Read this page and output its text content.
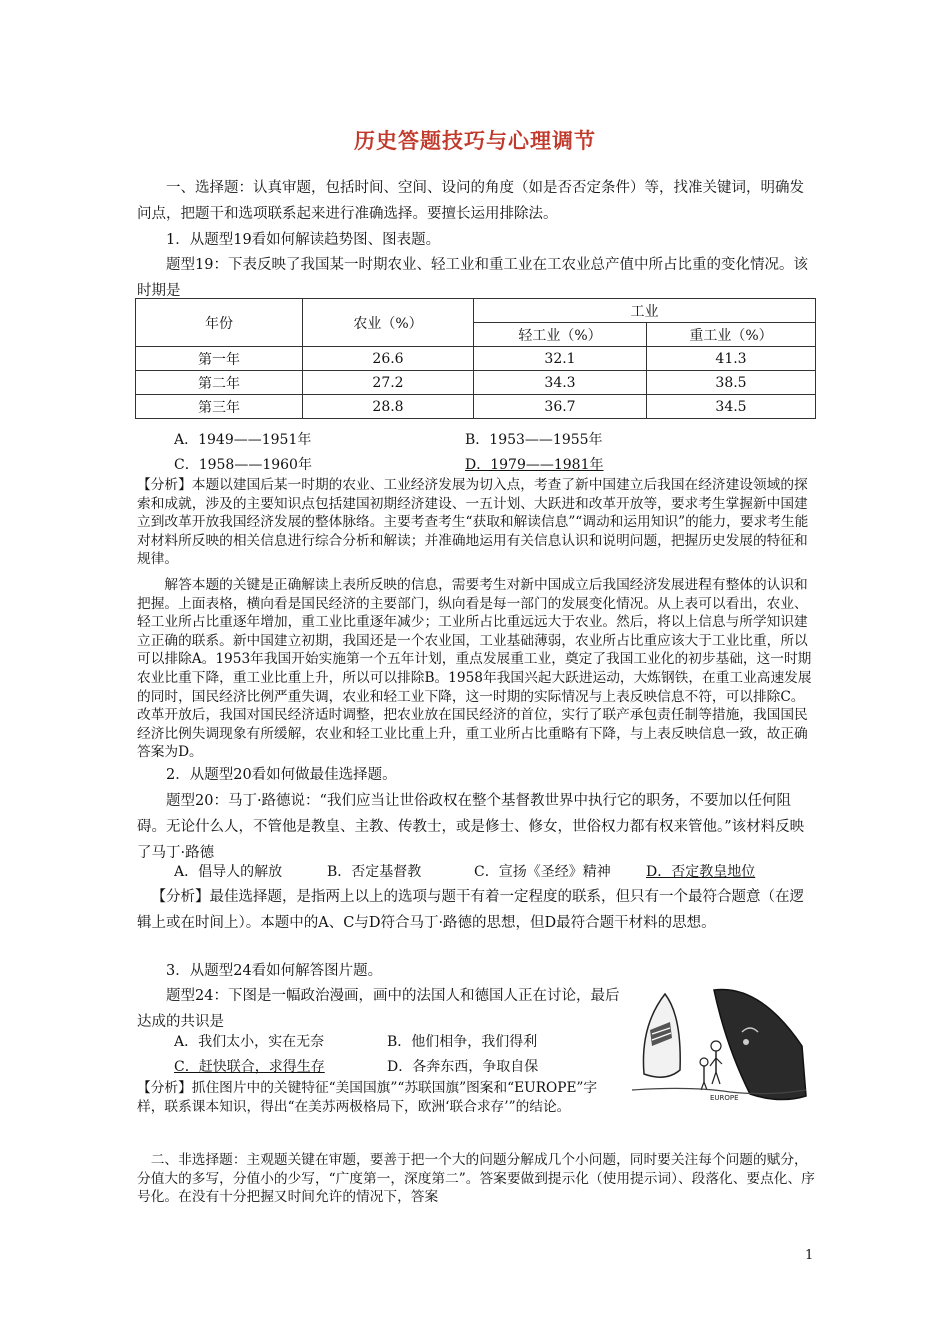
历史答题技巧与心理调节

一、选择题：认真审题，包括时间、空间、设问的角度（如是否否定条件）等，找准关键词，明确发问点，把题干和选项联系起来进行准确选择。要擅长运用排除法。

1．从题型19看如何解读趋势图、图表题。

题型19：下表反映了我国某一时期农业、轻工业和重工业在工农业总产值中所占比重的变化情况。该时期是

年份	农业（%）	工业	
		轻工业（%）	重工业（%）
第一年	26.6	32.1	41.3
第二年	27.2	34.3	38.5
第三年	28.8	36.7	34.5
A．1949——1951年	B．1953——1955年
C．1958——1960年	D．1979——1981年

【分析】本题以建国后某一时期的农业、工业经济发展为切入点，考查了新中国建立后我国在经济建设领域的探索和成就，涉及的主要知识点包括建国初期经济建设、一五计划、大跃进和改革开放等，要求考生掌握新中国建立到改革开放我国经济发展的整体脉络。主要考查考生“获取和解读信息”“调动和运用知识”的能力，要求考生能对材料所反映的相关信息进行综合分析和解读；并准确地运用有关信息认识和说明问题，把握历史发展的特征和规律。

解答本题的关键是正确解读上表所反映的信息，需要考生对新中国成立后我国经济发展进程有整体的认识和把握。上面表格，横向看是国民经济的主要部门，纵向看是每一部门的发展变化情况。从上表可以看出，农业、轻工业所占比重逐年增加，重工业比重逐年减少；工业所占比重远远大于农业。然后，将以上信息与所学知识建立正确的联系。新中国建立初期，我国还是一个农业国，工业基础薄弱，农业所占比重应该大于工业比重，所以可以排除A。1953年我国开始实施第一个五年计划，重点发展重工业，奠定了我国工业化的初步基础，这一时期农业比重下降，重工业比重上升，所以可以排除B。1958年我国兴起大跃进运动，大炼钢铁，在重工业高速发展的同时，国民经济比例严重失调，农业和轻工业下降，这一时期的实际情况与上表反映信息不符，可以排除C。改革开放后，我国对国民经济适时调整，把农业放在国民经济的首位，实行了联产承包责任制等措施，我国国民经济比例失调现象有所缓解，农业和轻工业比重上升，重工业所占比重略有下降，与上表反映信息一致，故正确答案为D。

2．从题型20看如何做最佳选择题。

题型20：马丁·路德说：“我们应当让世俗政权在整个基督教世界中执行它的职务，不要加以任何阻碍。无论什么人，不管他是教皇、主教、传教士，或是修士、修女，世俗权力都有权来管他。”该材料反映了马丁·路德

A．倡导人的解放	B．否定基督教	C．宣扬《圣经》精神	D．否定教皇地位

【分析】最佳选择题，是指两上以上的选项与题干有着一定程度的联系，但只有一个最符合题意（在逻辑上或在时间上）。本题中的A、C与D符合马丁·路德的思想，但D最符合题干材料的思想。

3．从题型24看如何解答图片题。

题型24：下图是一幅政治漫画，画中的法国人和德国人正在讨论，最后达成的共识是

A．我们太小，实在无奈	B．他们相争，我们得利
C．赶快联合，求得生存	D．各奔东西，争取自保

【分析】抓住图片中的关键特征“美国国旗”“苏联国旗”图案和“EUROPE”字样，联系课本知识，得出“在美苏两极格局下，欧洲‘联合求存’”的结论。

EUROPE

二、非选择题：主观题关键在审题，要善于把一个大的问题分解成几个小问题，同时要关注每个问题的赋分，分值大的多写，分值小的少写，“广度第一，深度第二”。答案要做到提示化（使用提示词）、段落化、要点化、序号化。在没有十分把握又时间允许的情况下，答案

1
